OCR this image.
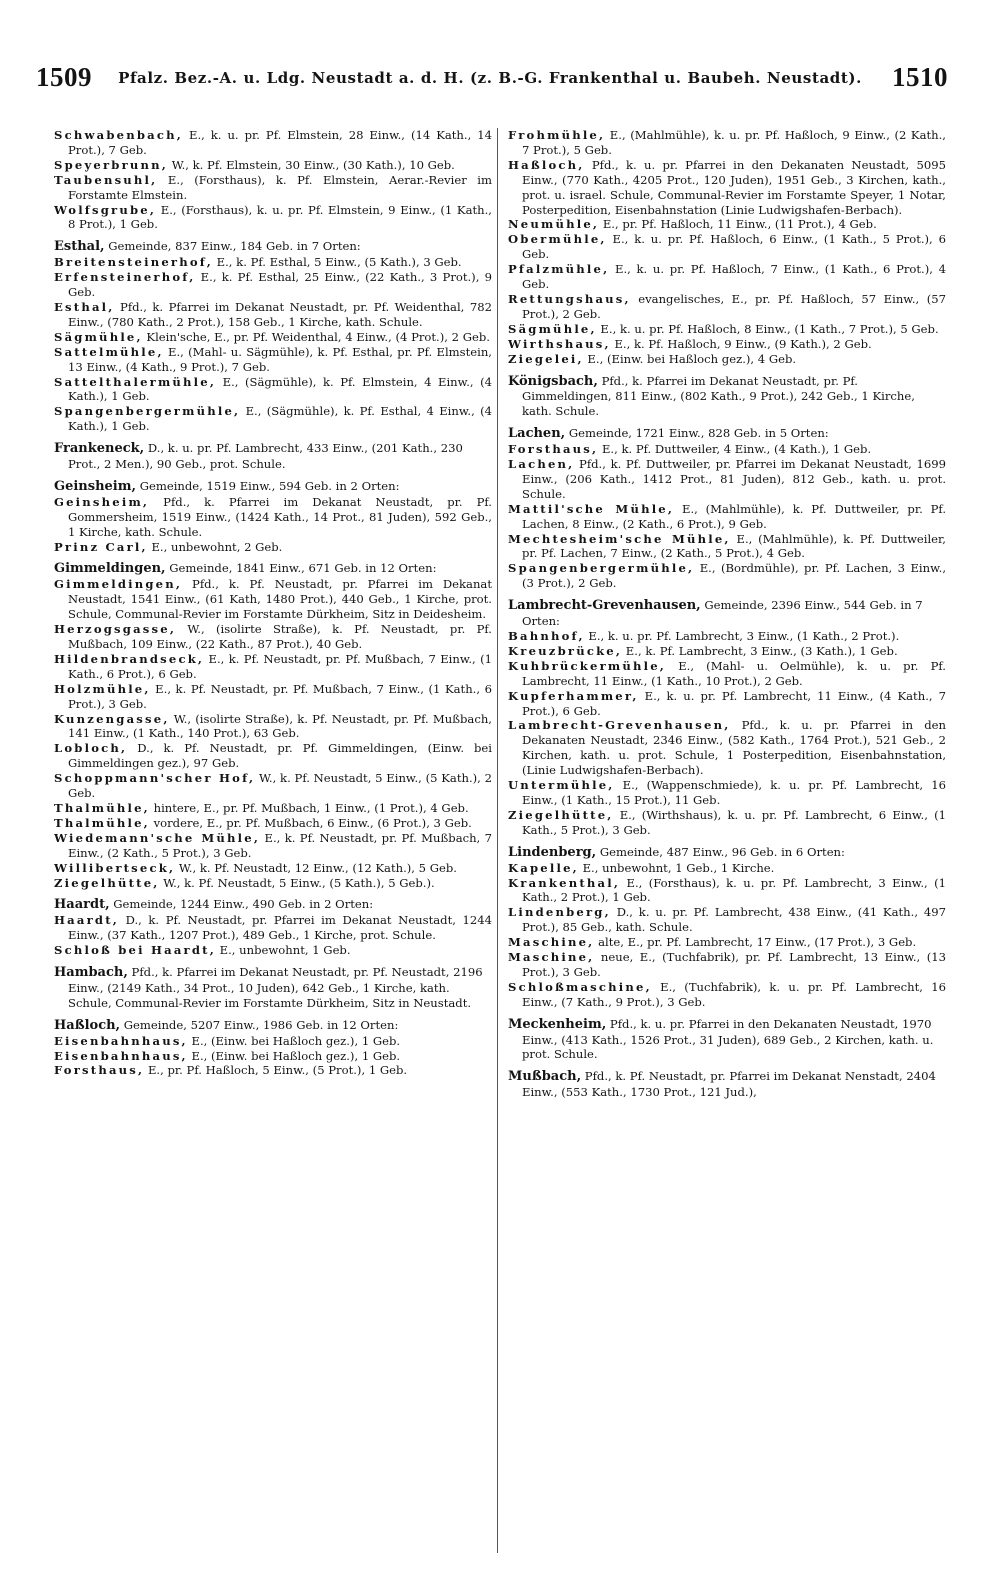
1509 Pfalz. Bez.-A. u. Ldg. Neustadt a. d. H. (z. B.-G. Frankenthal u. Baubeh. Neustadt). 1510

Schwabenbach, E., k. u. pr. Pf. Elmstein, 28 Einw., (14 Kath., 14 Prot.), 7 Geb.

Speyerbrunn, W., k. Pf. Elmstein, 30 Einw., (30 Kath.), 10 Geb.

Taubensuhl, E., (Forsthaus), k. Pf. Elmstein, Aerar.-Revier im Forstamte Elmstein.

Wolfsgrube, E., (Forsthaus), k. u. pr. Pf. Elmstein, 9 Einw., (1 Kath., 8 Prot.), 1 Geb.

Esthal, Gemeinde, 837 Einw., 184 Geb. in 7 Orten:

Breitensteinerhof, E., k. Pf. Esthal, 5 Einw., (5 Kath.), 3 Geb.

Erfensteinerhof, E., k. Pf. Esthal, 25 Einw., (22 Kath., 3 Prot.), 9 Geb.

Esthal, Pfd., k. Pfarrei im Dekanat Neustadt, pr. Pf. Weidenthal, 782 Einw., (780 Kath., 2 Prot.), 158 Geb., 1 Kirche, kath. Schule.

Sägmühle, Klein'sche, E., pr. Pf. Weidenthal, 4 Einw., (4 Prot.), 2 Geb.

Sattelmühle, E., (Mahl- u. Sägmühle), k. Pf. Esthal, pr. Pf. Elmstein, 13 Einw., (4 Kath., 9 Prot.), 7 Geb.

Sattelthalermühle, E., (Sägmühle), k. Pf. Elmstein, 4 Einw., (4 Kath.), 1 Geb.

Spangenbergermühle, E., (Sägmühle), k. Pf. Esthal, 4 Einw., (4 Kath.), 1 Geb.

Frankeneck, D., k. u. pr. Pf. Lambrecht, 433 Einw., (201 Kath., 230 Prot., 2 Men.), 90 Geb., prot. Schule.

Geinsheim, Gemeinde, 1519 Einw., 594 Geb. in 2 Orten:

Geinsheim, Pfd., k. Pfarrei im Dekanat Neustadt, pr. Pf. Gommersheim, 1519 Einw., (1424 Kath., 14 Prot., 81 Juden), 592 Geb., 1 Kirche, kath. Schule.

Prinz Carl, E., unbewohnt, 2 Geb.

Gimmeldingen, Gemeinde, 1841 Einw., 671 Geb. in 12 Orten:

Gimmeldingen, Pfd., k. Pf. Neustadt, pr. Pfarrei im Dekanat Neustadt, 1541 Einw., (61 Kath, 1480 Prot.), 440 Geb., 1 Kirche, prot. Schule, Communal-Revier im Forstamte Dürkheim, Sitz in Deidesheim.

Herzogsgasse, W., (isolirte Straße), k. Pf. Neustadt, pr. Pf. Mußbach, 109 Einw., (22 Kath., 87 Prot.), 40 Geb.

Hildenbrandseck, E., k. Pf. Neustadt, pr. Pf. Mußbach, 7 Einw., (1 Kath., 6 Prot.), 6 Geb.

Holzmühle, E., k. Pf. Neustadt, pr. Pf. Mußbach, 7 Einw., (1 Kath., 6 Prot.), 3 Geb.

Kunzengasse, W., (isolirte Straße), k. Pf. Neustadt, pr. Pf. Mußbach, 141 Einw., (1 Kath., 140 Prot.), 63 Geb.

Lobloch, D., k. Pf. Neustadt, pr. Pf. Gimmeldingen, (Einw. bei Gimmeldingen gez.), 97 Geb.

Schoppmann'scher Hof, W., k. Pf. Neustadt, 5 Einw., (5 Kath.), 2 Geb.

Thalmühle, hintere, E., pr. Pf. Mußbach, 1 Einw., (1 Prot.), 4 Geb.

Thalmühle, vordere, E., pr. Pf. Mußbach, 6 Einw., (6 Prot.), 3 Geb.

Wiedemann'sche Mühle, E., k. Pf. Neustadt, pr. Pf. Mußbach, 7 Einw., (2 Kath., 5 Prot.), 3 Geb.

Willibertseck, W., k. Pf. Neustadt, 12 Einw., (12 Kath.), 5 Geb.

Ziegelhütte, W., k. Pf. Neustadt, 5 Einw., (5 Kath.), 5 Geb.).

Haardt, Gemeinde, 1244 Einw., 490 Geb. in 2 Orten:

Haardt, D., k. Pf. Neustadt, pr. Pfarrei im Dekanat Neustadt, 1244 Einw., (37 Kath., 1207 Prot.), 489 Geb., 1 Kirche, prot. Schule.

Schloß bei Haardt, E., unbewohnt, 1 Geb.

Hambach, Pfd., k. Pfarrei im Dekanat Neustadt, pr. Pf. Neustadt, 2196 Einw., (2149 Kath., 34 Prot., 10 Juden), 642 Geb., 1 Kirche, kath. Schule, Communal-Revier im Forstamte Dürkheim, Sitz in Neustadt.

Haßloch, Gemeinde, 5207 Einw., 1986 Geb. in 12 Orten:

Eisenbahnhaus, E., (Einw. bei Haßloch gez.), 1 Geb.

Eisenbahnhaus, E., (Einw. bei Haßloch gez.), 1 Geb.

Forsthaus, E., pr. Pf. Haßloch, 5 Einw., (5 Prot.), 1 Geb.

Frohmühle, E., (Mahlmühle), k. u. pr. Pf. Haßloch, 9 Einw., (2 Kath., 7 Prot.), 5 Geb.

Haßloch, Pfd., k. u. pr. Pfarrei in den Dekanaten Neustadt, 5095 Einw., (770 Kath., 4205 Prot., 120 Juden), 1951 Geb., 3 Kirchen, kath., prot. u. israel. Schule, Communal-Revier im Forstamte Speyer, 1 Notar, Posterpedition, Eisenbahnstation (Linie Ludwigshafen-Berbach).

Neumühle, E., pr. Pf. Haßloch, 11 Einw., (11 Prot.), 4 Geb.

Obermühle, E., k. u. pr. Pf. Haßloch, 6 Einw., (1 Kath., 5 Prot.), 6 Geb.

Pfalzmühle, E., k. u. pr. Pf. Haßloch, 7 Einw., (1 Kath., 6 Prot.), 4 Geb.

Rettungshaus, evangelisches, E., pr. Pf. Haßloch, 57 Einw., (57 Prot.), 2 Geb.

Sägmühle, E., k. u. pr. Pf. Haßloch, 8 Einw., (1 Kath., 7 Prot.), 5 Geb.

Wirthshaus, E., k. Pf. Haßloch, 9 Einw., (9 Kath.), 2 Geb.

Ziegelei, E., (Einw. bei Haßloch gez.), 4 Geb.

Königsbach, Pfd., k. Pfarrei im Dekanat Neustadt, pr. Pf. Gimmeldingen, 811 Einw., (802 Kath., 9 Prot.), 242 Geb., 1 Kirche, kath. Schule.

Lachen, Gemeinde, 1721 Einw., 828 Geb. in 5 Orten:

Forsthaus, E., k. Pf. Duttweiler, 4 Einw., (4 Kath.), 1 Geb.

Lachen, Pfd., k. Pf. Duttweiler, pr. Pfarrei im Dekanat Neustadt, 1699 Einw., (206 Kath., 1412 Prot., 81 Juden), 812 Geb., kath. u. prot. Schule.

Mattil'sche Mühle, E., (Mahlmühle), k. Pf. Duttweiler, pr. Pf. Lachen, 8 Einw., (2 Kath., 6 Prot.), 9 Geb.

Mechtesheim'sche Mühle, E., (Mahlmühle), k. Pf. Duttweiler, pr. Pf. Lachen, 7 Einw., (2 Kath., 5 Prot.), 4 Geb.

Spangenbergermühle, E., (Bordmühle), pr. Pf. Lachen, 3 Einw., (3 Prot.), 2 Geb.

Lambrecht-Grevenhausen, Gemeinde, 2396 Einw., 544 Geb. in 7 Orten:

Bahnhof, E., k. u. pr. Pf. Lambrecht, 3 Einw., (1 Kath., 2 Prot.).

Kreuzbrücke, E., k. Pf. Lambrecht, 3 Einw., (3 Kath.), 1 Geb.

Kuhbrückermühle, E., (Mahl- u. Oelmühle), k. u. pr. Pf. Lambrecht, 11 Einw., (1 Kath., 10 Prot.), 2 Geb.

Kupferhammer, E., k. u. pr. Pf. Lambrecht, 11 Einw., (4 Kath., 7 Prot.), 6 Geb.

Lambrecht-Grevenhausen, Pfd., k. u. pr. Pfarrei in den Dekanaten Neustadt, 2346 Einw., (582 Kath., 1764 Prot.), 521 Geb., 2 Kirchen, kath. u. prot. Schule, 1 Posterpedition, Eisenbahnstation, (Linie Ludwigshafen-Berbach).

Untermühle, E., (Wappenschmiede), k. u. pr. Pf. Lambrecht, 16 Einw., (1 Kath., 15 Prot.), 11 Geb.

Ziegelhütte, E., (Wirthshaus), k. u. pr. Pf. Lambrecht, 6 Einw., (1 Kath., 5 Prot.), 3 Geb.

Lindenberg, Gemeinde, 487 Einw., 96 Geb. in 6 Orten:

Kapelle, E., unbewohnt, 1 Geb., 1 Kirche.

Krankenthal, E., (Forsthaus), k. u. pr. Pf. Lambrecht, 3 Einw., (1 Kath., 2 Prot.), 1 Geb.

Lindenberg, D., k. u. pr. Pf. Lambrecht, 438 Einw., (41 Kath., 497 Prot.), 85 Geb., kath. Schule.

Maschine, alte, E., pr. Pf. Lambrecht, 17 Einw., (17 Prot.), 3 Geb.

Maschine, neue, E., (Tuchfabrik), pr. Pf. Lambrecht, 13 Einw., (13 Prot.), 3 Geb.

Schloßmaschine, E., (Tuchfabrik), k. u. pr. Pf. Lambrecht, 16 Einw., (7 Kath., 9 Prot.), 3 Geb.

Meckenheim, Pfd., k. u. pr. Pfarrei in den Dekanaten Neustadt, 1970 Einw., (413 Kath., 1526 Prot., 31 Juden), 689 Geb., 2 Kirchen, kath. u. prot. Schule.

Mußbach, Pfd., k. Pf. Neustadt, pr. Pfarrei im Dekanat Nenstadt, 2404 Einw., (553 Kath., 1730 Prot., 121 Jud.),
